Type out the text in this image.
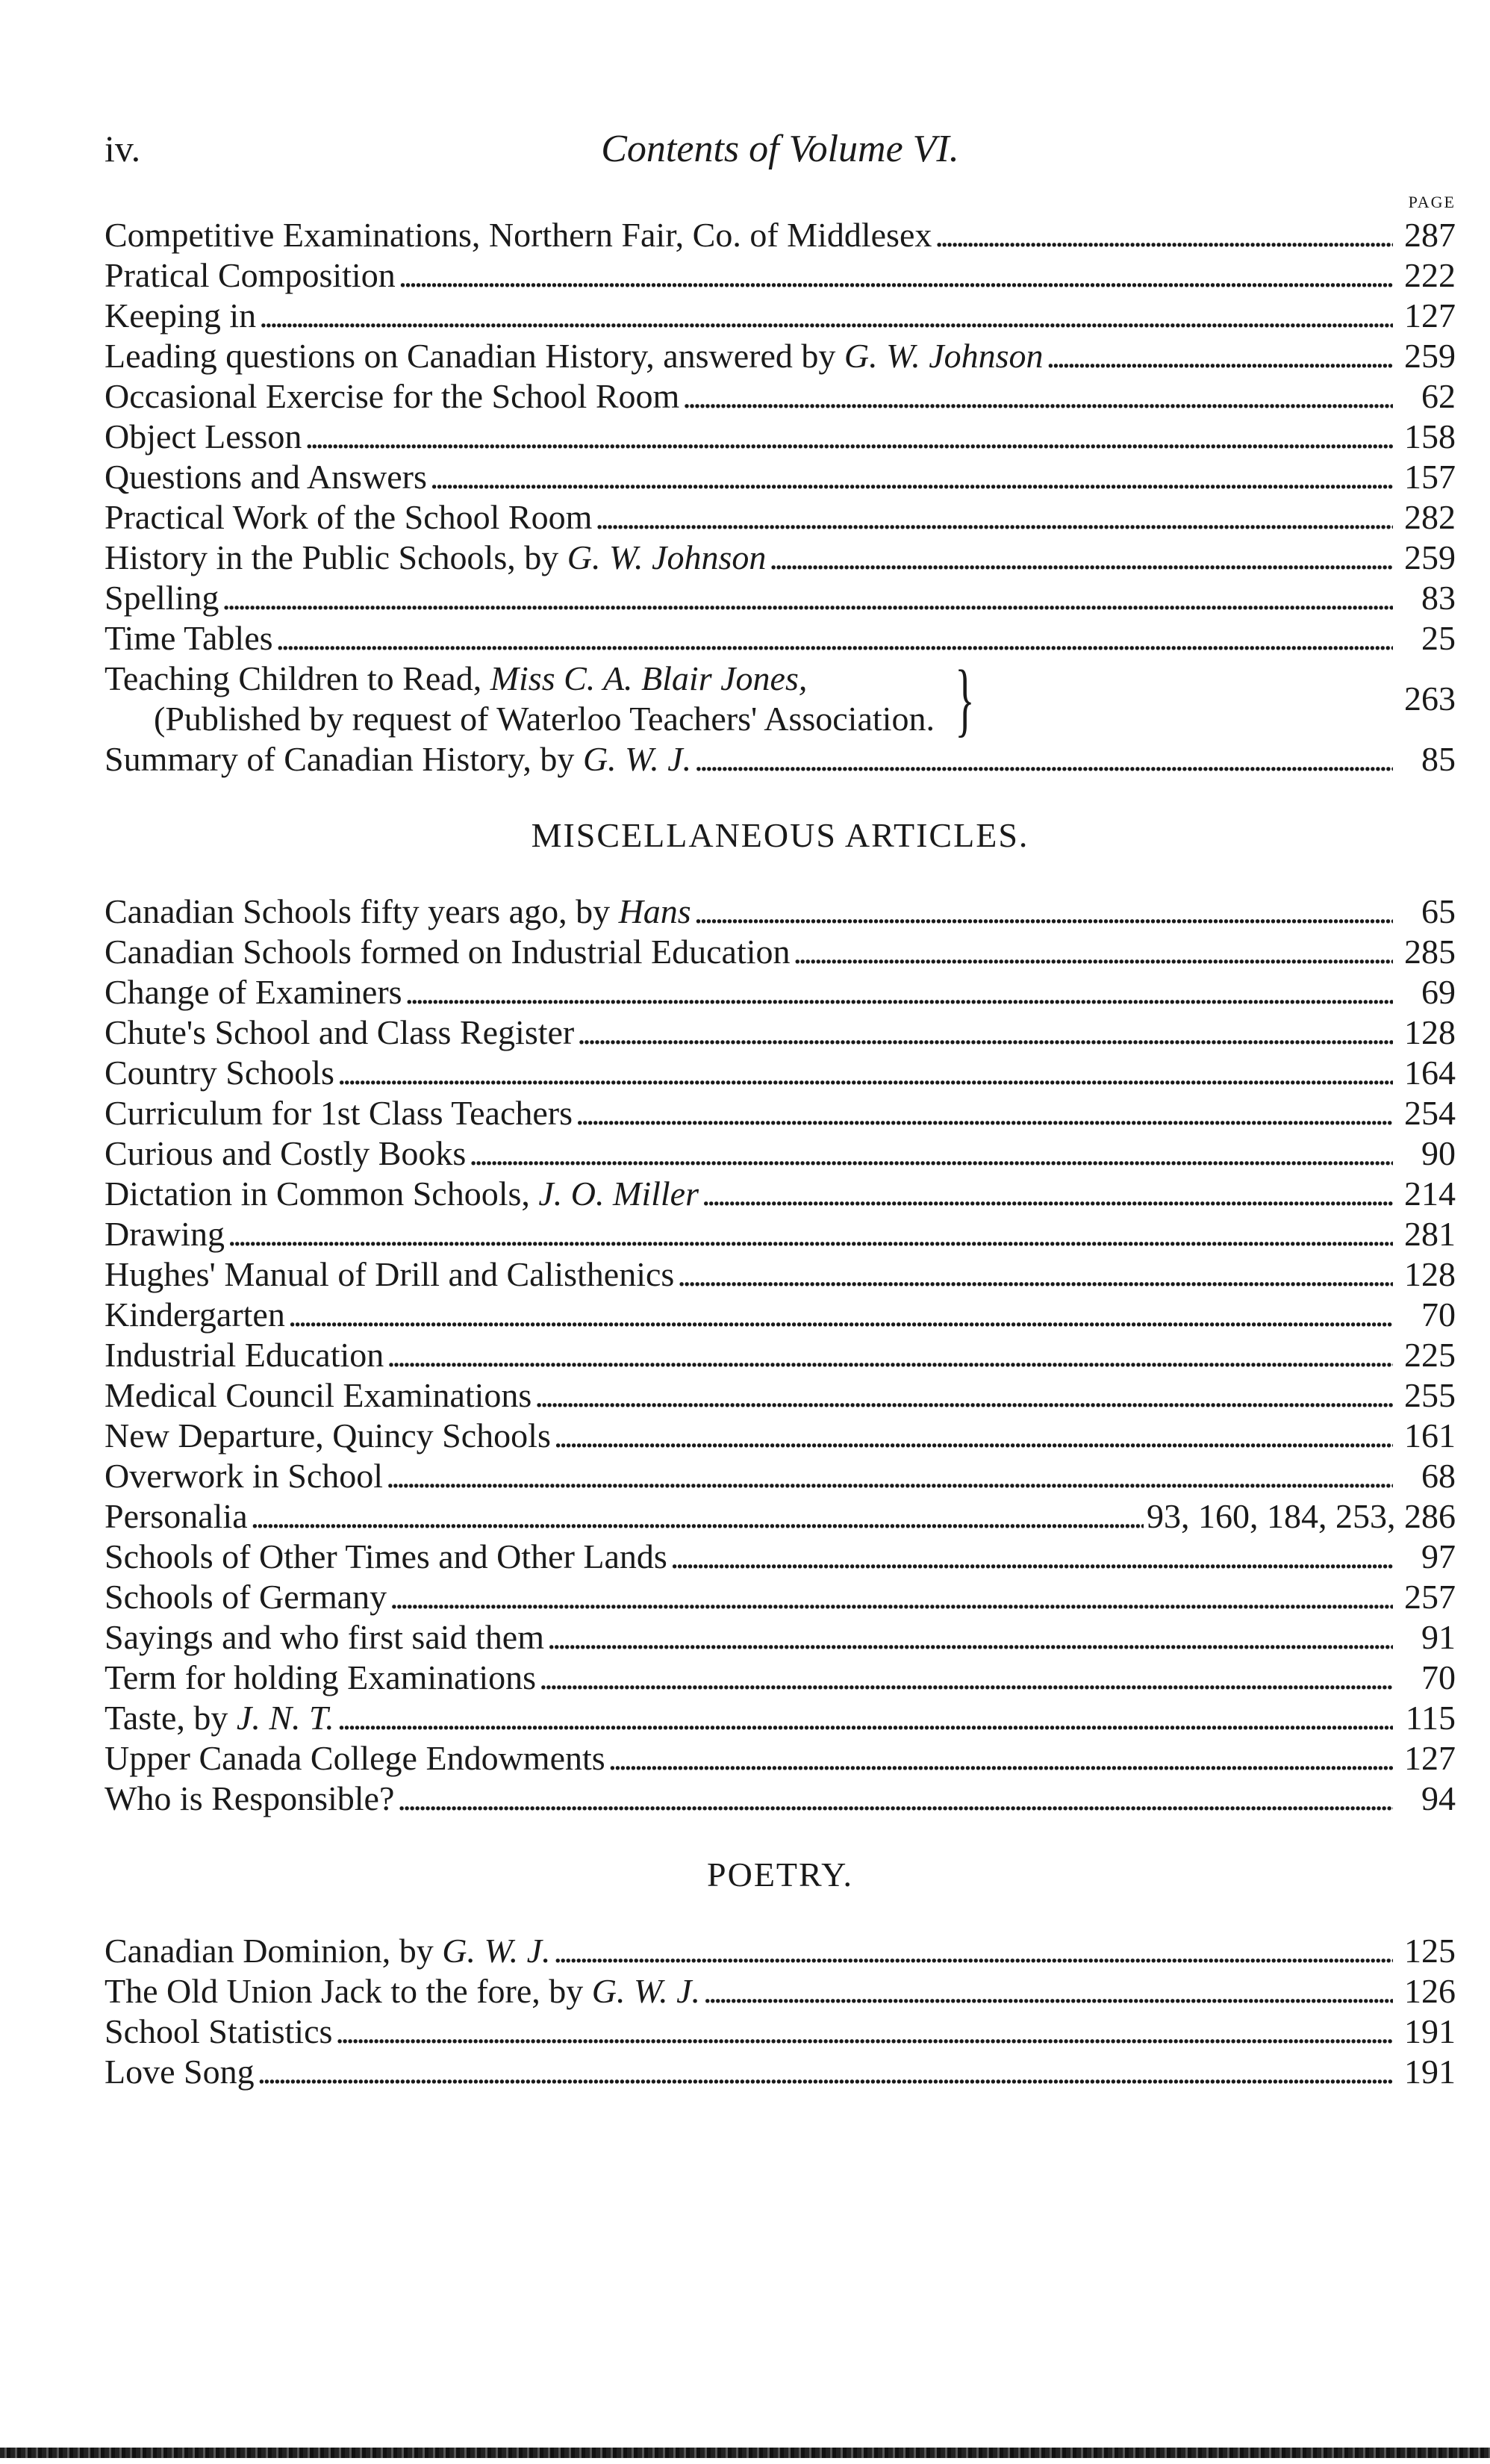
iv.	Contents of Volume VI.
PAGE
Competitive Examinations, Northern Fair, Co. of Middlesex . . .	287
Pratical Composition . . .	222
Keeping in . . .	127
Leading questions on Canadian History, answered by G. W. Johnson . . .	259
Occasional Exercise for the School Room . . .	62
Object Lesson . . .	158
Questions and Answers . . .	157
Practical Work of the School Room . . .	282
History in the Public Schools, by G. W. Johnson . . .	259
Spelling . . .	83
Time Tables . . .	25
Teaching Children to Read, Miss C. A. Blair Jones,
(Published by request of Waterloo Teachers' Association. }	263
Summary of Canadian History, by G. W. J. . . .	85
MISCELLANEOUS ARTICLES.
Canadian Schools fifty years ago, by Hans . . .	65
Canadian Schools formed on Industrial Education . . .	285
Change of Examiners . . .	69
Chute's School and Class Register . . .	128
Country Schools . . .	164
Curriculum for 1st Class Teachers . . .	254
Curious and Costly Books . . .	90
Dictation in Common Schools, J. O. Miller . . .	214
Drawing . . .	281
Hughes' Manual of Drill and Calisthenics . . .	128
Kindergarten . . .	70
Industrial Education . . .	225
Medical Council Examinations . . .	255
New Departure, Quincy Schools . . .	161
Overwork in School . . .	68
Personalia . . .	93, 160, 184, 253, 286
Schools of Other Times and Other Lands . . .	97
Schools of Germany . . .	257
Sayings and who first said them . . .	91
Term for holding Examinations . . .	70
Taste, by J. N. T. . . .	115
Upper Canada College Endowments . . .	127
Who is Responsible? . . .	94
POETRY.
Canadian Dominion, by G. W. J. . . .	125
The Old Union Jack to the fore, by G. W. J. . . .	126
School Statistics . . .	191
Love Song . . .	191
